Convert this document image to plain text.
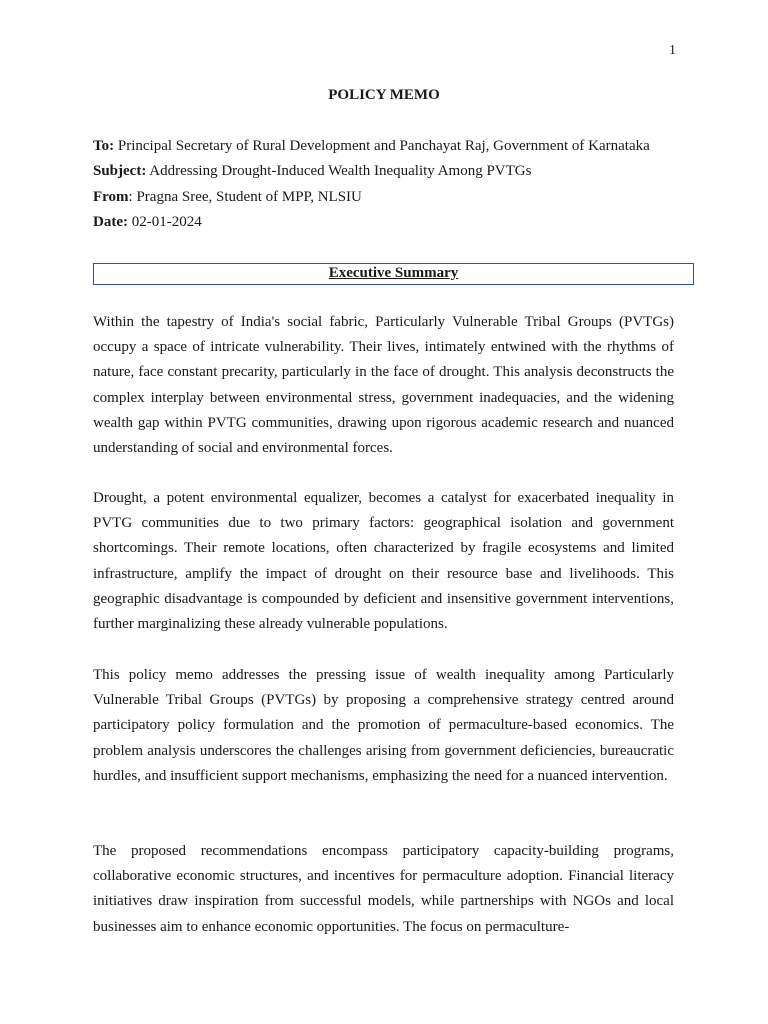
1
POLICY MEMO
To: Principal Secretary of Rural Development and Panchayat Raj, Government of Karnataka
Subject: Addressing Drought-Induced Wealth Inequality Among PVTGs
From: Pragna Sree, Student of MPP, NLSIU
Date: 02-01-2024
Executive Summary

Within the tapestry of India's social fabric, Particularly Vulnerable Tribal Groups (PVTGs) occupy a space of intricate vulnerability. Their lives, intimately entwined with the rhythms of nature, face constant precarity, particularly in the face of drought. This analysis deconstructs the complex interplay between environmental stress, government inadequacies, and the widening wealth gap within PVTG communities, drawing upon rigorous academic research and nuanced understanding of social and environmental forces.

Drought, a potent environmental equalizer, becomes a catalyst for exacerbated inequality in PVTG communities due to two primary factors: geographical isolation and government shortcomings. Their remote locations, often characterized by fragile ecosystems and limited infrastructure, amplify the impact of drought on their resource base and livelihoods. This geographic disadvantage is compounded by deficient and insensitive government interventions, further marginalizing these already vulnerable populations.

This policy memo addresses the pressing issue of wealth inequality among Particularly Vulnerable Tribal Groups (PVTGs) by proposing a comprehensive strategy centred around participatory policy formulation and the promotion of permaculture-based economics. The problem analysis underscores the challenges arising from government deficiencies, bureaucratic hurdles, and insufficient support mechanisms, emphasizing the need for a nuanced intervention.

The proposed recommendations encompass participatory capacity-building programs, collaborative economic structures, and incentives for permaculture adoption. Financial literacy initiatives draw inspiration from successful models, while partnerships with NGOs and local businesses aim to enhance economic opportunities. The focus on permaculture-
